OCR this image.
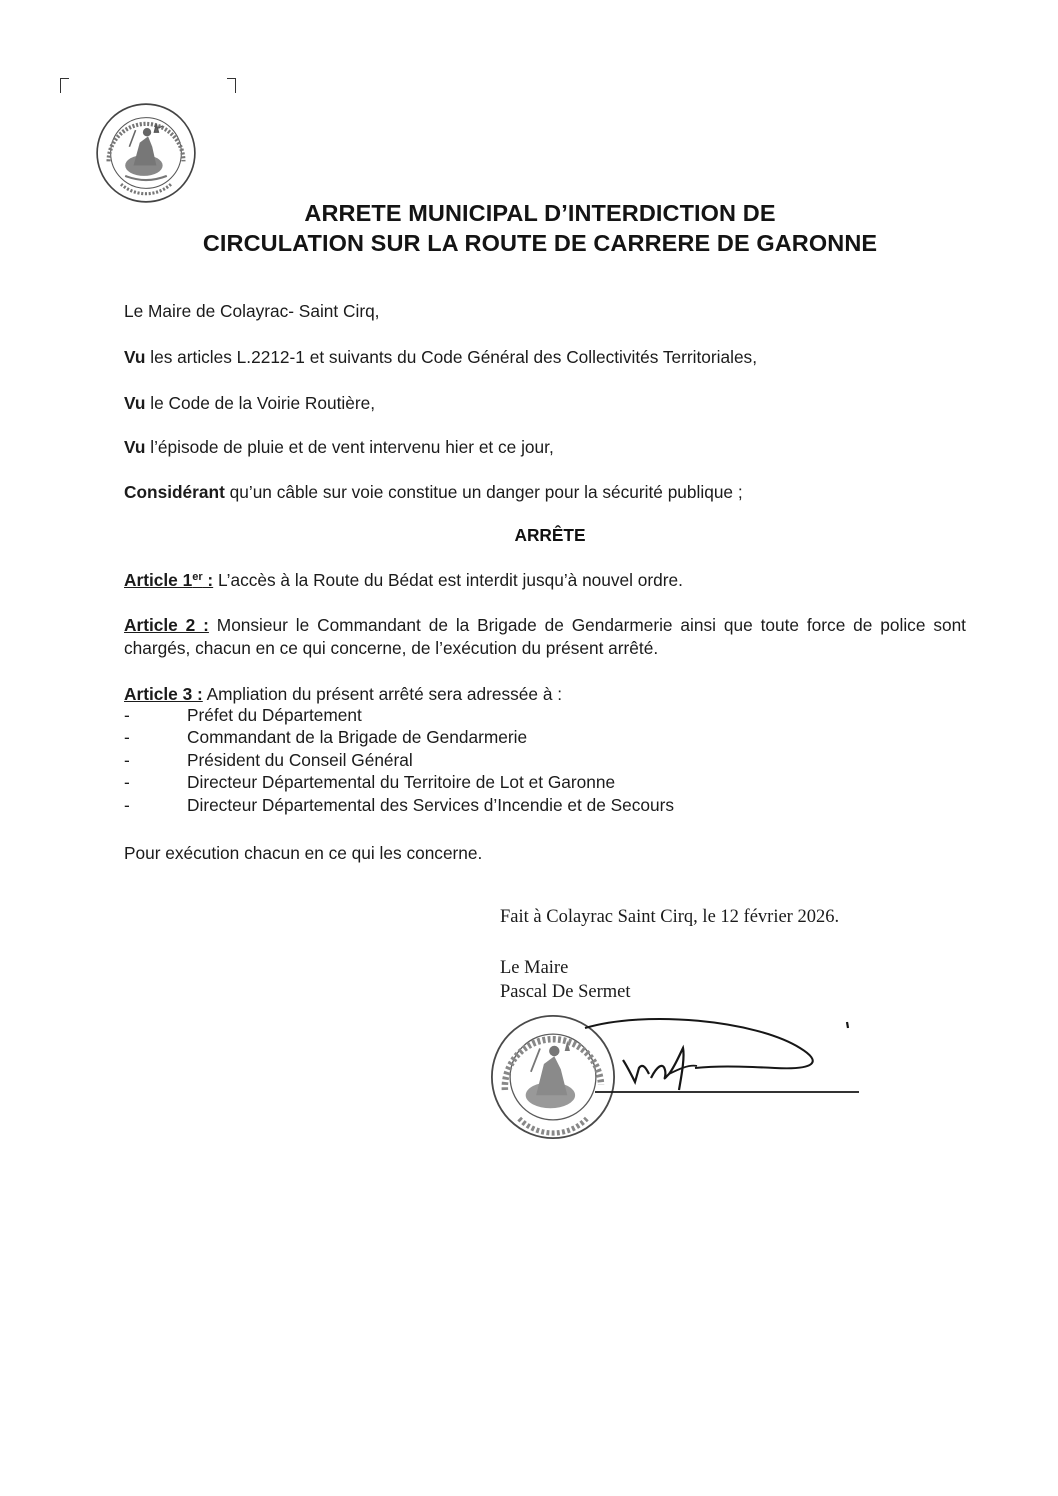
ARRETE MUNICIPAL D’INTERDICTION DE
CIRCULATION SUR LA ROUTE DE CARRERE DE GARONNE
Le Maire de Colayrac- Saint Cirq,
Vu les articles L.2212-1 et suivants du Code Général des Collectivités Territoriales,
Vu le Code de la Voirie Routière,
Vu l’épisode de pluie et de vent intervenu hier et ce jour,
Considérant qu’un câble sur voie constitue un danger pour la sécurité publique ;
ARRÊTE
Article 1er : L’accès à la Route du Bédat est interdit jusqu’à nouvel ordre.
Article 2 : Monsieur le Commandant de la Brigade de Gendarmerie ainsi que toute force de police sont chargés, chacun en ce qui concerne, de l’exécution du présent arrêté.
Article 3 : Ampliation du présent arrêté sera adressée à :
-	Préfet du Département
-	Commandant de la Brigade de Gendarmerie
-	Président du Conseil Général
-	Directeur Départemental du Territoire de Lot et Garonne
-	Directeur Départemental des Services d’Incendie et de Secours
Pour exécution chacun en ce qui les concerne.
Fait à Colayrac Saint Cirq, le 12 février 2026.
Le Maire
Pascal De Sermet
